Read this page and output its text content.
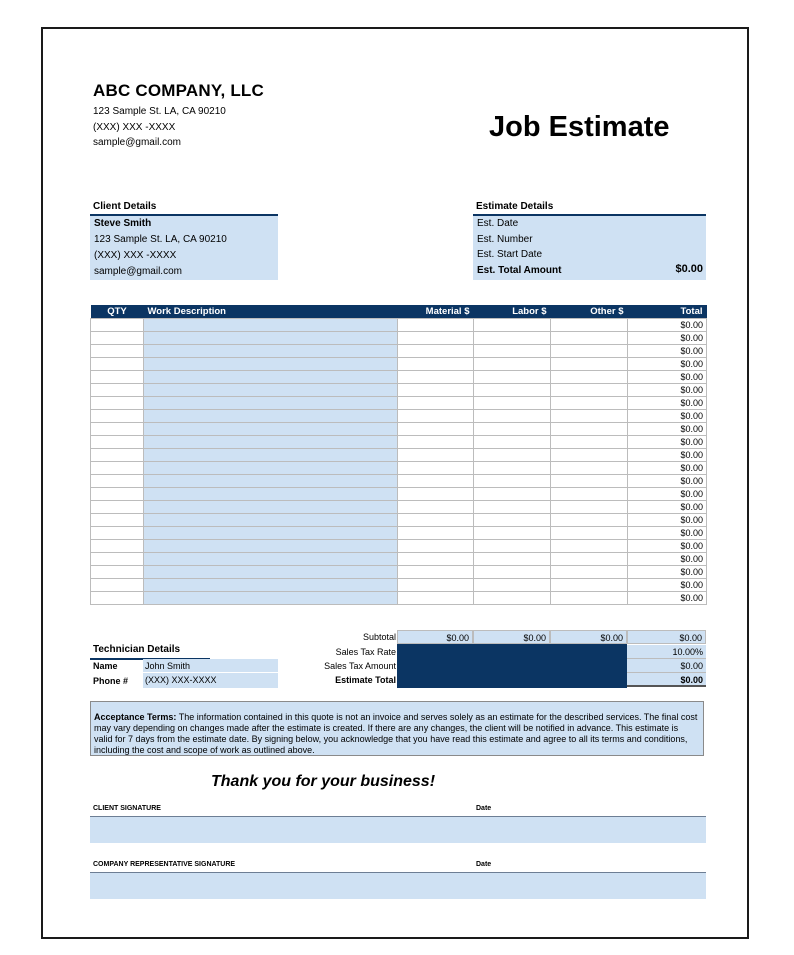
ABC COMPANY, LLC
123 Sample St. LA, CA 90210
(XXX) XXX -XXXX
sample@gmail.com	Job Estimate
Client Details
Steve Smith
123 Sample St. LA, CA 90210
(XXX) XXX -XXXX
sample@gmail.com
Estimate Details
Est. Date
Est. Number
Est. Start Date
Est. Total Amount	$0.00
QTY	Work Description	Material $	Labor $	Other $	Total
					$0.00
					$0.00
					$0.00
					$0.00
					$0.00
					$0.00
					$0.00
					$0.00
					$0.00
					$0.00
					$0.00
					$0.00
					$0.00
					$0.00
					$0.00
					$0.00
					$0.00
					$0.00
					$0.00
					$0.00
					$0.00
					$0.00
Subtotal	$0.00	$0.00	$0.00	$0.00
Sales Tax Rate	10.00%
Sales Tax Amount	$0.00
Estimate Total	$0.00
Technician Details
Name	John Smith
Phone # (XXX) XXX-XXXX
Acceptance Terms: The information contained in this quote is not an invoice and serves solely as an estimate for the described services. The final cost may vary depending on changes made after the estimate is created. If there are any changes, the client will be notified in advance. This estimate is valid for 7 days from the estimate date. By signing below, you acknowledge that you have read this estimate and agree to all its terms and conditions, including the cost and scope of work as outlined above.
Thank you for your business!
CLIENT SIGNATURE	Date
COMPANY REPRESENTATIVE SIGNATURE	Date
